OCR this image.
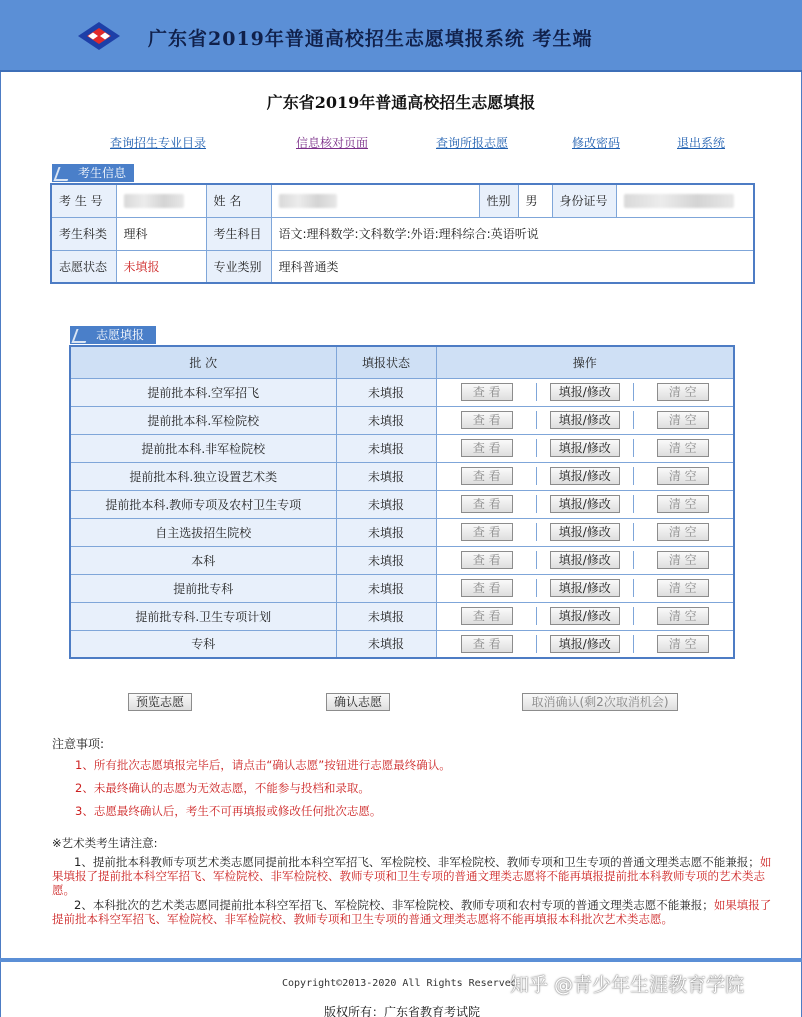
广东省2019年普通高校招生志愿填报系统 考生端
广东省2019年普通高校招生志愿填报
查询招生专业目录	信息核对页面	查询所报志愿	修改密码	退出系统
考生信息
考 生 号		姓 名		性别	男	身份证号	
考生科类	理科	考生科目	语文:理科数学:文科数学:外语:理科综合:英语听说				
志愿状态	未填报	专业类别	理科普通类				
志愿填报
批 次	填报状态	操作
提前批本科.空军招飞	未填报	查 看 填报/修改 清 空
提前批本科.军检院校	未填报	查 看 填报/修改 清 空
提前批本科.非军检院校	未填报	查 看 填报/修改 清 空
提前批本科.独立设置艺术类	未填报	查 看 填报/修改 清 空
提前批本科.教师专项及农村卫生专项	未填报	查 看 填报/修改 清 空
自主选拔招生院校	未填报	查 看 填报/修改 清 空
本科	未填报	查 看 填报/修改 清 空
提前批专科	未填报	查 看 填报/修改 清 空
提前批专科.卫生专项计划	未填报	查 看 填报/修改 清 空
专科	未填报	查 看 填报/修改 清 空
预览志愿	确认志愿	取消确认(剩2次取消机会)
注意事项:
1、所有批次志愿填报完毕后，请点击“确认志愿”按钮进行志愿最终确认。
2、未最终确认的志愿为无效志愿，不能参与投档和录取。
3、志愿最终确认后，考生不可再填报或修改任何批次志愿。
※艺术类考生请注意:
1、提前批本科教师专项艺术类志愿同提前批本科空军招飞、军检院校、非军检院校、教师专项和卫生专项的普通文理类志愿不能兼报；如果填报了提前批本科空军招飞、军检院校、非军检院校、教师专项和卫生专项的普通文理类志愿将不能再填报提前批本科教师专项的艺术类志愿。
2、本科批次的艺术类志愿同提前批本科空军招飞、军检院校、非军检院校、教师专项和农村专项的普通文理类志愿不能兼报；如果填报了提前批本科空军招飞、军检院校、非军检院校、教师专项和卫生专项的普通文理类志愿将不能再填报本科批次艺术类志愿。
Copyright©2013-2020 All Rights Reserved
版权所有：广东省教育考试院
知乎 @青少年生涯教育学院
